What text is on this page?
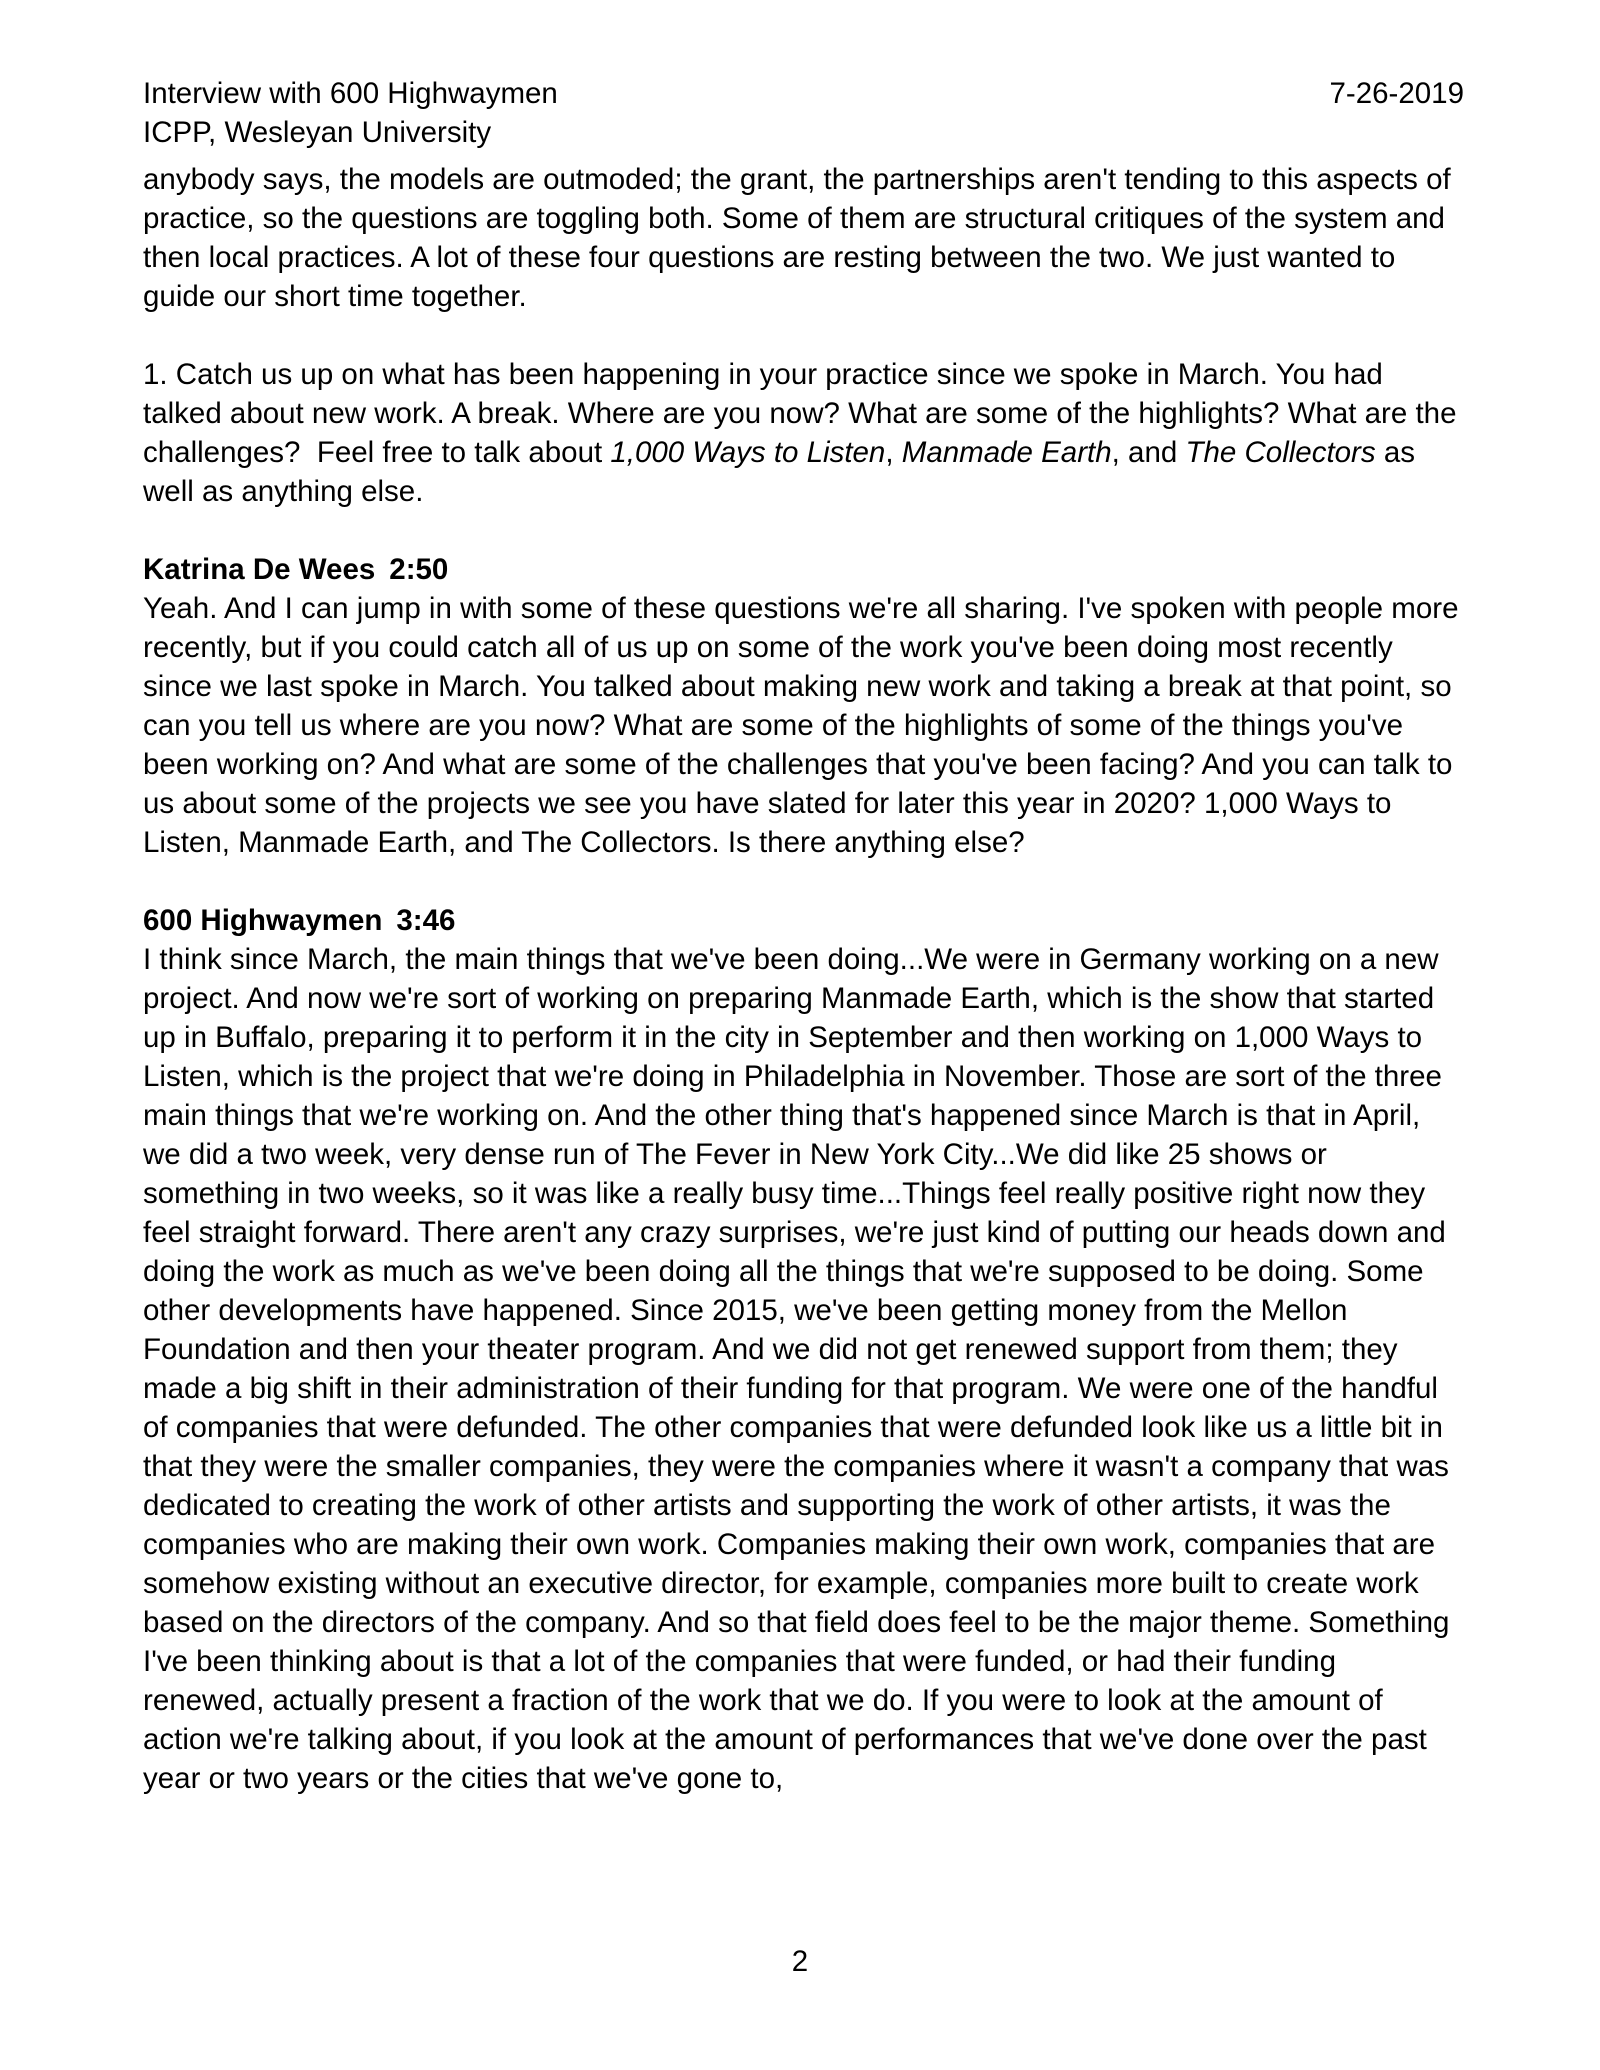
Interview with 600 Highwaymen
ICPP, Wesleyan University
7-26-2019

anybody says, the models are outmoded; the grant, the partnerships aren't tending to this aspects of practice, so the questions are toggling both. Some of them are structural critiques of the system and then local practices. A lot of these four questions are resting between the two. We just wanted to guide our short time together.

1. Catch us up on what has been happening in your practice since we spoke in March. You had talked about new work. A break. Where are you now? What are some of the highlights? What are the challenges?  Feel free to talk about 1,000 Ways to Listen, Manmade Earth, and The Collectors as well as anything else.

Katrina De Wees 2:50

Yeah. And I can jump in with some of these questions we're all sharing. I've spoken with people more recently, but if you could catch all of us up on some of the work you've been doing most recently since we last spoke in March. You talked about making new work and taking a break at that point, so can you tell us where are you now? What are some of the highlights of some of the things you've been working on? And what are some of the challenges that you've been facing? And you can talk to us about some of the projects we see you have slated for later this year in 2020? 1,000 Ways to Listen, Manmade Earth, and The Collectors. Is there anything else?

600 Highwaymen 3:46

I think since March, the main things that we've been doing...We were in Germany working on a new project. And now we're sort of working on preparing Manmade Earth, which is the show that started up in Buffalo, preparing it to perform it in the city in September and then working on 1,000 Ways to Listen, which is the project that we're doing in Philadelphia in November. Those are sort of the three main things that we're working on. And the other thing that's happened since March is that in April, we did a two week, very dense run of The Fever in New York City...We did like 25 shows or something in two weeks, so it was like a really busy time...Things feel really positive right now they feel straight forward. There aren't any crazy surprises, we're just kind of putting our heads down and doing the work as much as we've been doing all the things that we're supposed to be doing. Some other developments have happened. Since 2015, we've been getting money from the Mellon Foundation and then your theater program. And we did not get renewed support from them; they made a big shift in their administration of their funding for that program. We were one of the handful of companies that were defunded. The other companies that were defunded look like us a little bit in that they were the smaller companies, they were the companies where it wasn't a company that was dedicated to creating the work of other artists and supporting the work of other artists, it was the companies who are making their own work. Companies making their own work, companies that are somehow existing without an executive director, for example, companies more built to create work based on the directors of the company. And so that field does feel to be the major theme. Something I've been thinking about is that a lot of the companies that were funded, or had their funding renewed, actually present a fraction of the work that we do. If you were to look at the amount of action we're talking about, if you look at the amount of performances that we've done over the past year or two years or the cities that we've gone to,

2
